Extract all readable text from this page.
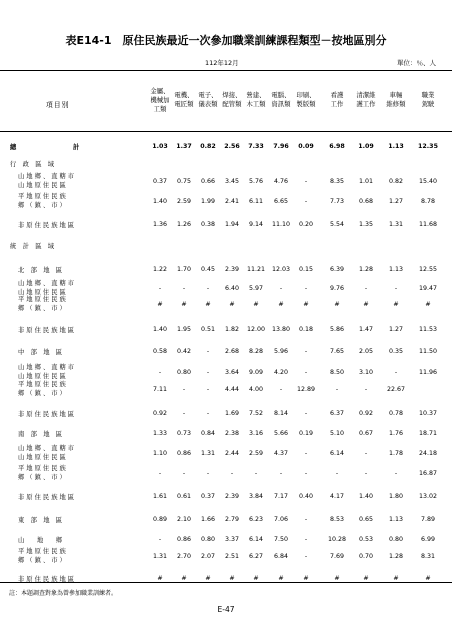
表E14-1　原住民族最近一次參加職業訓練課程類型－按地區別分
112年12月	單位：％、人
項目別
金屬、
機械加
工類
電機、
電匠類
電子、
儀表類
焊接、
配管類
營建、
木工類
電腦、
資訊類
印刷、
製版類
看護
工作
清潔維
護工作
車輛
維修類
職業
駕駛
總　　　　　　　　　計	1.03	1.37	0.82	2.56	7.33	7.96	0.09	6.98	1.09	1.13	12.35
行　政　區　域
山 地 鄉 、 直 轄 市
山 地 原 住 民 區
0.37	0.75	0.66	3.45	5.76	4.76	-	8.35	1.01	0.82	15.40
平 地 原 住 民 族
鄉 （ 鎮 、 市 ）
1.40	2.59	1.99	2.41	6.11	6.65	-	7.73	0.68	1.27	8.78
非 原 住 民 族 地 區	1.36	1.26	0.38	1.94	9.14	11.10	0.20	5.54	1.35	1.31	11.68
統　計　區　域
北　部　地　區	1.22	1.70	0.45	2.39	11.21	12.03	0.15	6.39	1.28	1.13	12.55
山 地 鄉 、 直 轄 市
山 地 原 住 民 區
-	-	-	6.40	5.97	-	-	9.76	-	-	19.47
平 地 原 住 民 族
鄉 （ 鎮 、 市 ）
#	#	#	#	#	#	#	#	#	#	#
非 原 住 民 族 地 區	1.40	1.95	0.51	1.82	12.00	13.80	0.18	5.86	1.47	1.27	11.53
中　部　地　區	0.58	0.42	-	2.68	8.28	5.96	-	7.65	2.05	0.35	11.50
山 地 鄉 、 直 轄 市
山 地 原 住 民 區
-	0.80	-	3.64	9.09	4.20	-	8.50	3.10	-	11.96
平 地 原 住 民 族
鄉 （ 鎮 、 市 ）
7.11	-	-	4.44	4.00	-	12.89	-	-	22.67
非 原 住 民 族 地 區	0.92	-	-	1.69	7.52	8.14	-	6.37	0.92	0.78	10.37
南　部　地　區	1.33	0.73	0.84	2.38	3.16	5.66	0.19	5.10	0.67	1.76	18.71
山 地 鄉 、 直 轄 市
山 地 原 住 民 區
1.10	0.86	1.31	2.44	2.59	4.37	-	6.14	-	1.78	24.18
平 地 原 住 民 族
鄉 （ 鎮 、 市 ）
-	-	-	-	-	-	-	-	-	-	16.87
非 原 住 民 族 地 區	1.61	0.61	0.37	2.39	3.84	7.17	0.40	4.17	1.40	1.80	13.02
東　部　地　區	0.89	2.10	1.66	2.79	6.23	7.06	-	8.53	0.65	1.13	7.89
山　　地　　鄉	-	0.86	0.80	3.37	6.14	7.50	-	10.28	0.53	0.80	6.99
平 地 原 住 民 族
鄉 （ 鎮 、 市 ）
1.31	2.70	2.07	2.51	6.27	6.84	-	7.69	0.70	1.28	8.31
非 原 住 民 族 地 區	#	#	#	#	#	#	#	#	#	#	#
註：本題調查對象為曾參加職業訓練者。
E-47
